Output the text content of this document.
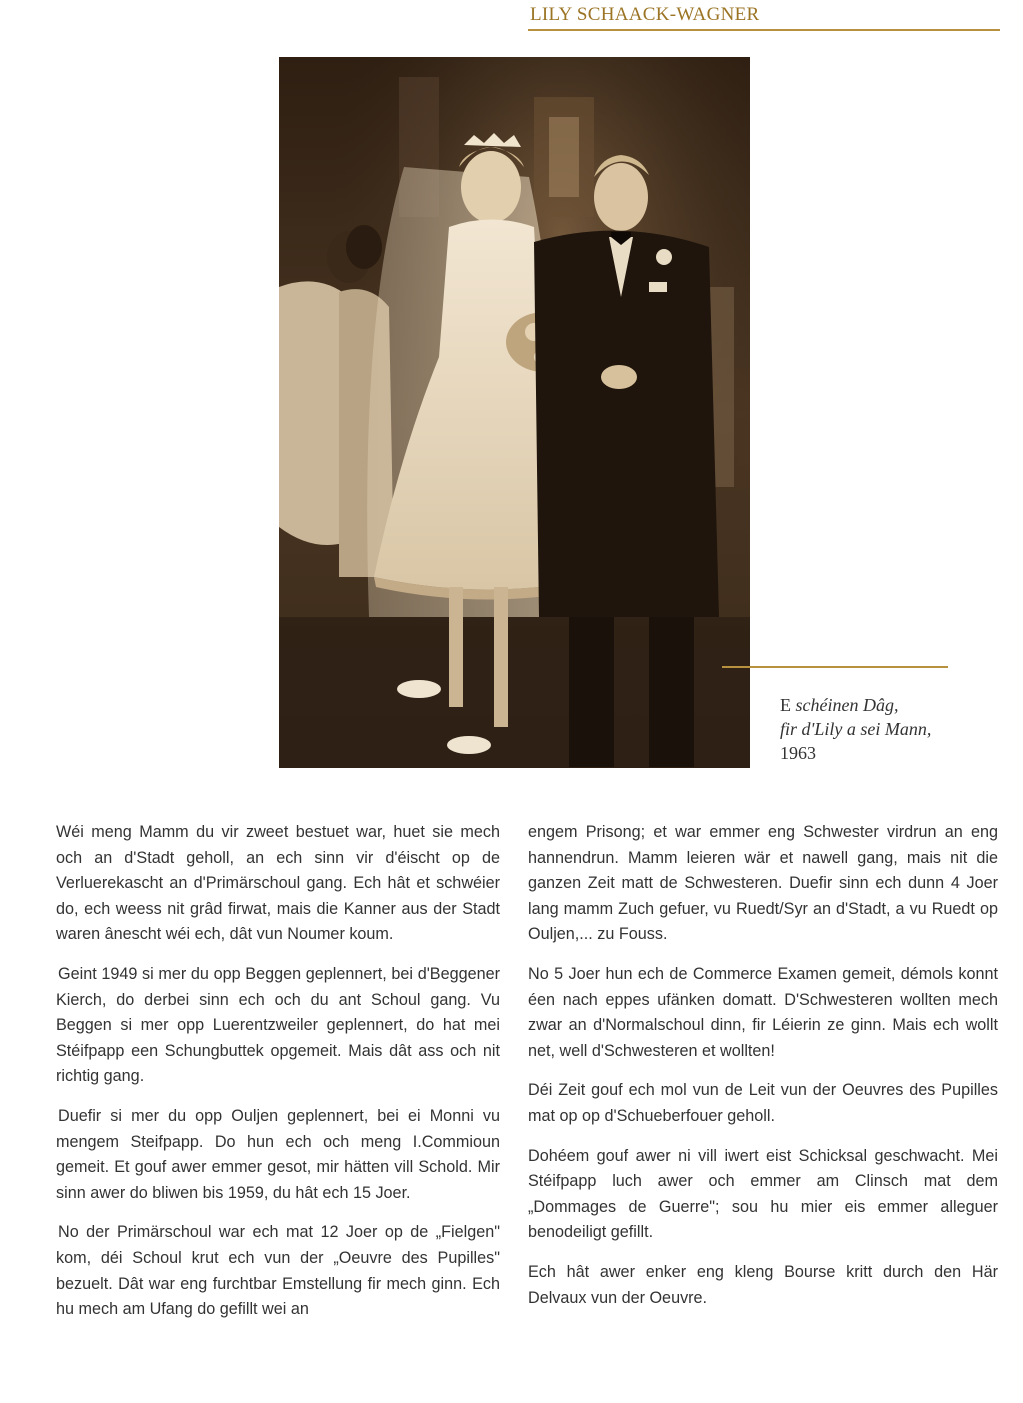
LILY SCHAACK-WAGNER
E schéinen Dâg,
fir d'Lily a sei Mann,
1963

Wéi meng Mamm du vir zweet bestuet war, huet sie mech och an d'Stadt geholl, an ech sinn vir d'éischt op de Verluerekascht an d'Primärschoul gang. Ech hât et schwéier do, ech weess nit grâd firwat, mais die Kanner aus der Stadt waren ânescht wéi ech, dât vun Noumer koum.

Geint 1949 si mer du opp Beggen geplennert, bei d'Beggener Kierch, do derbei sinn ech och du ant Schoul gang. Vu Beggen si mer opp Luerentzweiler geplennert, do hat mei Stéifpapp een Schungbuttek opgemeit. Mais dât ass och nit richtig gang.

Duefir si mer du opp Ouljen geplennert, bei ei Monni vu mengem Steifpapp. Do hun ech och meng I.Commioun gemeit. Et gouf awer emmer gesot, mir hätten vill Schold. Mir sinn awer do bliwen bis 1959, du hât ech 15 Joer.

No der Primärschoul war ech mat 12 Joer op de „Fielgen" kom, déi Schoul krut ech vun der „Oeuvre des Pupilles" bezuelt. Dât war eng furchtbar Emstellung fir mech ginn. Ech hu mech am Ufang do gefillt wei an

engem Prisong; et war emmer eng Schwester virdrun an eng hannendrun. Mamm leieren wär et nawell gang, mais nit die ganzen Zeit matt de Schwesteren. Duefir sinn ech dunn 4 Joer lang mamm Zuch gefuer, vu Ruedt/Syr an d'Stadt, a vu Ruedt op Ouljen,... zu Fouss.

No 5 Joer hun ech de Commerce Examen gemeit, démols konnt éen nach eppes ufänken domatt. D'Schwesteren wollten mech zwar an d'Normalschoul dinn, fir Léierin ze ginn. Mais ech wollt net, well d'Schwesteren et wollten!

Déi Zeit gouf ech mol vun de Leit vun der Oeuvres des Pupilles mat op op d'Schueberfouer geholl.

Dohéem gouf awer ni vill iwert eist Schicksal geschwacht. Mei Stéifpapp luch awer och emmer am Clinsch mat dem „Dommages de Guerre"; sou hu mier eis emmer alleguer benodeiligt gefillt.

Ech hât awer enker eng kleng Bourse kritt durch den Här Delvaux vun der Oeuvre.
